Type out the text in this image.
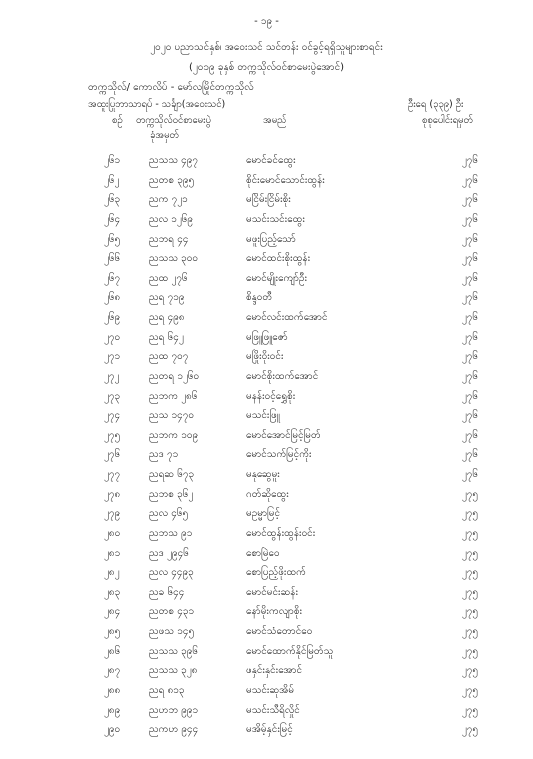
- ၁၉ -
၂၀၂၀ ပညာသင်နှစ်၊ အဝေးသင် သင်တန်း ဝင်ခွင့်ရရှိသူများစာရင်း
(၂၀၁၉ ခုနှစ် တက္ကသိုလ်ဝင်စာမေးပွဲအောင်)
တက္ကသိုလ်/ ကောလိပ် - မော်လမြိုင်တက္ကသိုလ်
အထူးပြုဘာသာရပ် - သင်္ချာ(အဝေးသင်)	ဦးရေ (၃၃၉) ဦး
စဉ် တက္ကသိုလ်ဝင်စာမေးပွဲ
ခုံအမှတ်
အမည်	စုစုပေါင်းရမှတ်
၂၆၁	ညသသ ၄၉၇	မောင်ခင်ထွေး	၂၇၆
၂၆၂	ညတစ ၃၉၅	စိုင်းမောင်သောင်းထွန်း	၂၇၆
၂၆၃	ညက ၇၂၁	မငြိမ်းငြိမ်းစိုး	၂၇၆
၂၆၄	ညလ ၁၂၆၉	မသင်းသင်းထွေး	၂၇၆
၂၆၅	ညဘရ ၄၄	မဖူးပြည့်သော်	၂၇၆
၂၆၆	ညသသ ၃၀၀	မောင်ထင်းစိုးထွန်း	၂၇၆
၂၆၇	ညထ ၂၇၆	မောင်မျိုးကျော်ဦး	၂၇၆
၂၆၈	ညရ ၇၁၉	စိန္ဒဝတီ	၂၇၆
၂၆၉	ညရ ၄၉၈	မောင်လင်းထက်အောင်	၂၇၆
၂၇၀	ညရ ၆၄၂	မဖြူဖြူဇော်	၂၇၆
၂၇၁	ညထ ၇၀၇	မဖြိုးဝိုးဝင်း	၂၇၆
၂၇၂	ညတရ ၁၂၆၀	မောင်စိုးထက်အောင်	၂၇၆
၂၇၃	ညဘက ၂၈၆	မနန်းဝင့်ရွှေစိုး	၂၇၆
၂၇၄	ညသ ၁၄၇၀	မသင်းဖြူ	၂၇၆
၂၇၅	ညဘက ၁၀၉	မောင်အောင်မြင့်မြတ်	၂၇၆
၂၇၆	ညဒ ၇၁	မောင်သက်မြင့်ကိုး	၂၇၆
၂၇၇	ညရဆ ၆၇၃	မနုဆွေမူး	၂၇၆
၂၇၈	ညဘစ ၃၆၂	ဂတ်ဆိုထွေး	၂၇၅
၂၇၉	ညလ ၄၆၅	မဥမ္မာမြင့်	၂၇၅
၂၈၀	ညဘသ ၉၁	မောင်ထွန်းထွန်းဝင်း	၂၇၅
၂၈၁	ညဒ ၂၉၄၆	စောမြဲဝေ	၂၇၅
၂၈၂	ညလ ၄၄၉၃	စောပြည့်ဖိုးထက်	၂၇၅
၂၈၃	ညခ ၆၄၄	မောင်မင်းဆန်း	၂၇၅
၂၈၄	ညတစ ၄၃၁	နော်မိုးကလျာစိုး	၂၇၅
၂၈၅	ညဖသ ၁၄၅	မောင်သံတောင်ဝေ	၂၇၅
၂၈၆	ညသသ ၃၉၆	မောင်ထောက်နိုင်မြတ်သူ	၂၇၅
၂၈၇	ညသသ ၃၂၈	ဖနှင်းနှင်းအောင်	၂၇၅
၂၈၈	ညရ ၈၁၃	မသင်းဆုအိမ်	၂၇၅
၂၈၉	ညဟဘ ၉၉၁	မသင်းသီရိလှိုင်	၂၇၅
၂၉၀	ညကဟ ၉၄၄	မအိမ့်နှင်းမြင့်	၂၇၅
